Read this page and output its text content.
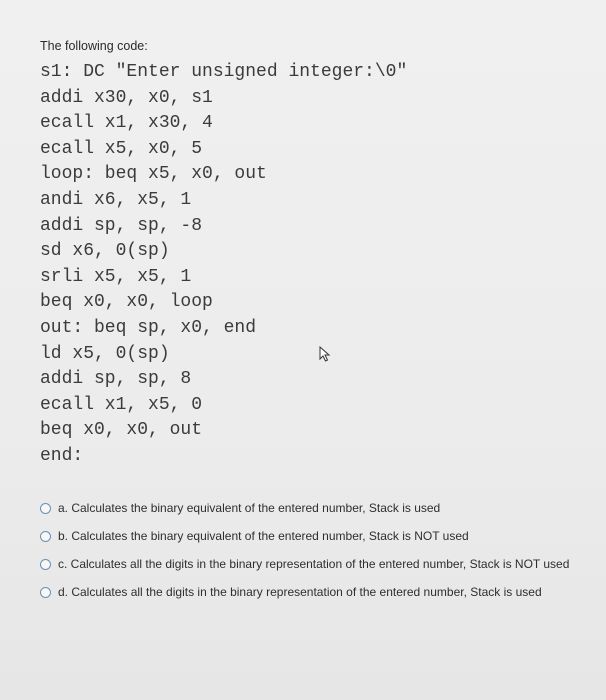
The following code:
s1: DC "Enter unsigned integer:\0"
addi x30, x0, s1
ecall x1, x30, 4
ecall x5, x0, 5
loop: beq x5, x0, out
andi x6, x5, 1
addi sp, sp, -8
sd x6, 0(sp)
srli x5, x5, 1
beq x0, x0, loop
out: beq sp, x0, end
ld x5, 0(sp)
addi sp, sp, 8
ecall x1, x5, 0
beq x0, x0, out
end:
a. Calculates the binary equivalent of the entered number, Stack is used
b. Calculates the binary equivalent of the entered number, Stack is NOT used
c. Calculates all the digits in the binary representation of the entered number, Stack is NOT used
d. Calculates all the digits in the binary representation of the entered number, Stack is used
